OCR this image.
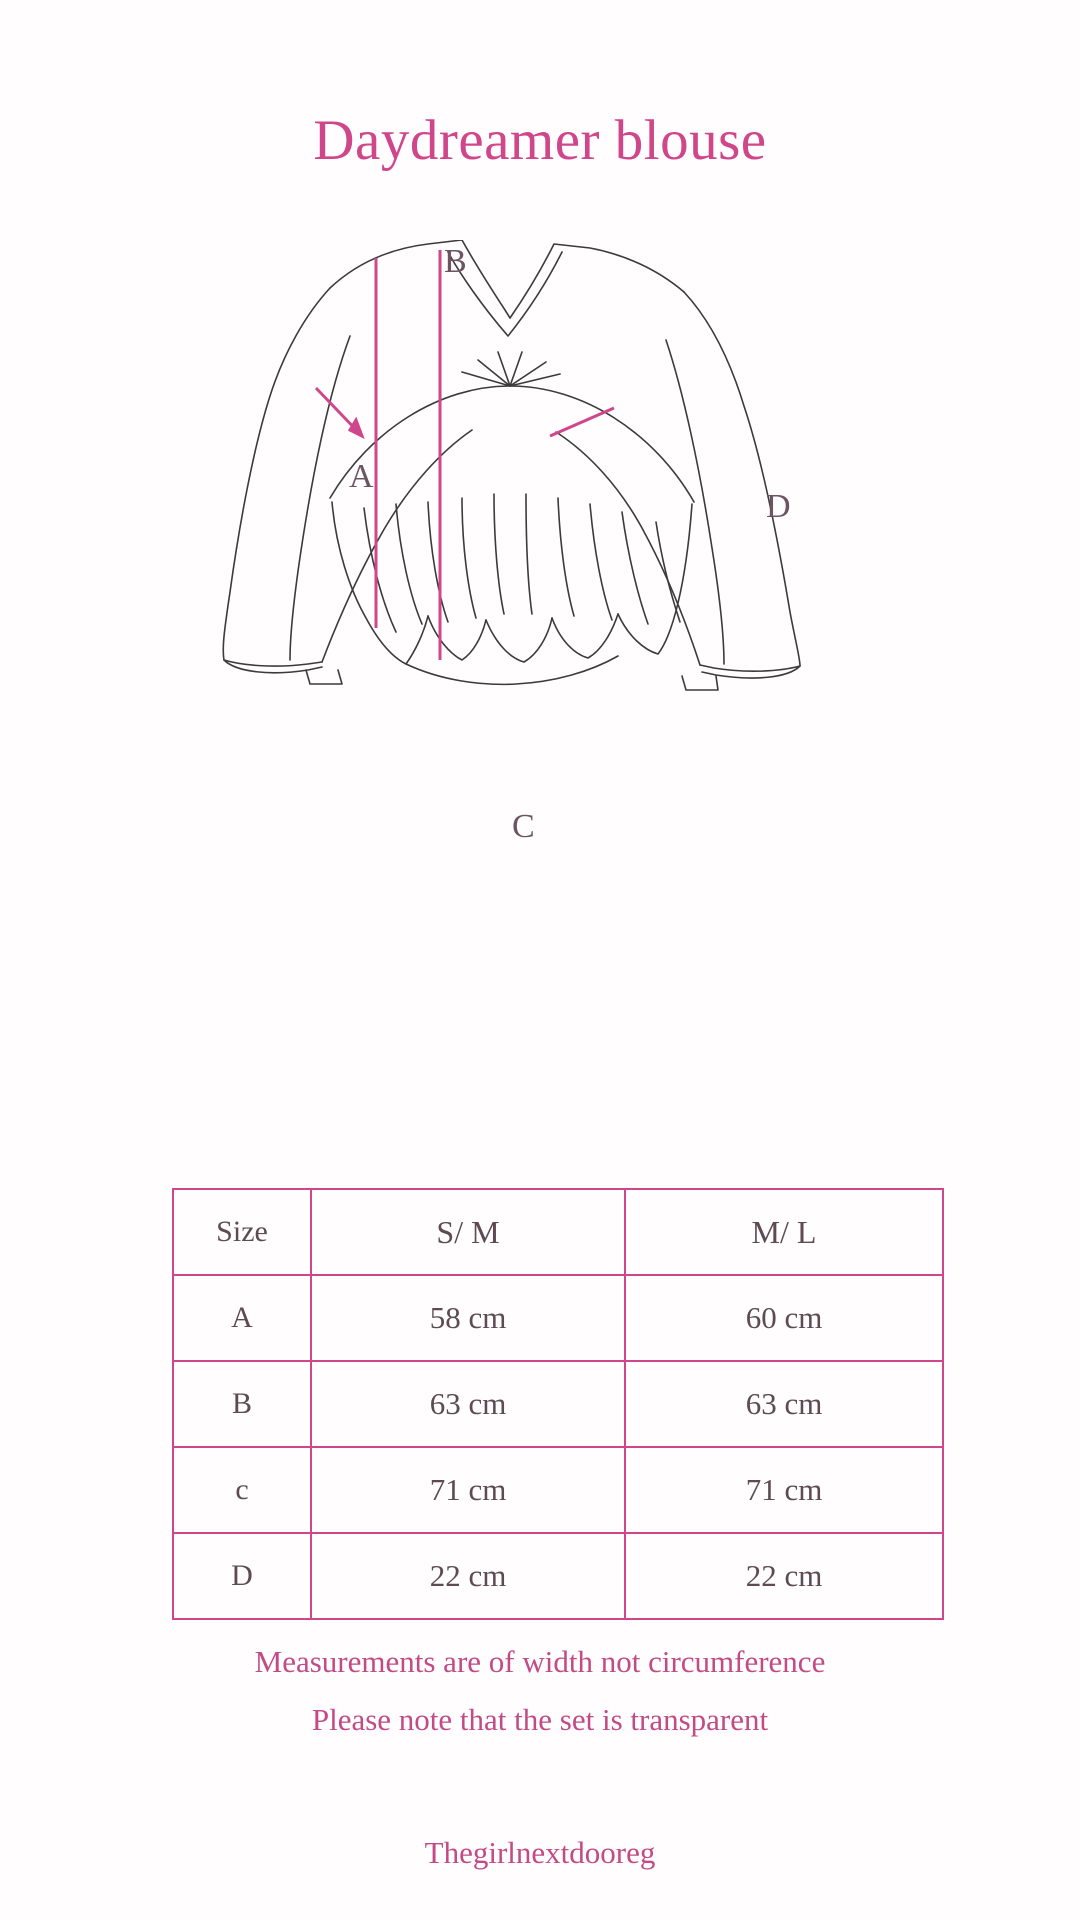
Daydreamer blouse
B
A
D
C
Size	S/ M	M/ L
A	58 cm	60 cm
B	63 cm	63 cm
c	71 cm	71 cm
D	22 cm	22 cm
Measurements are of width not circumference
Please note that the set is transparent
Thegirlnextdooreg
